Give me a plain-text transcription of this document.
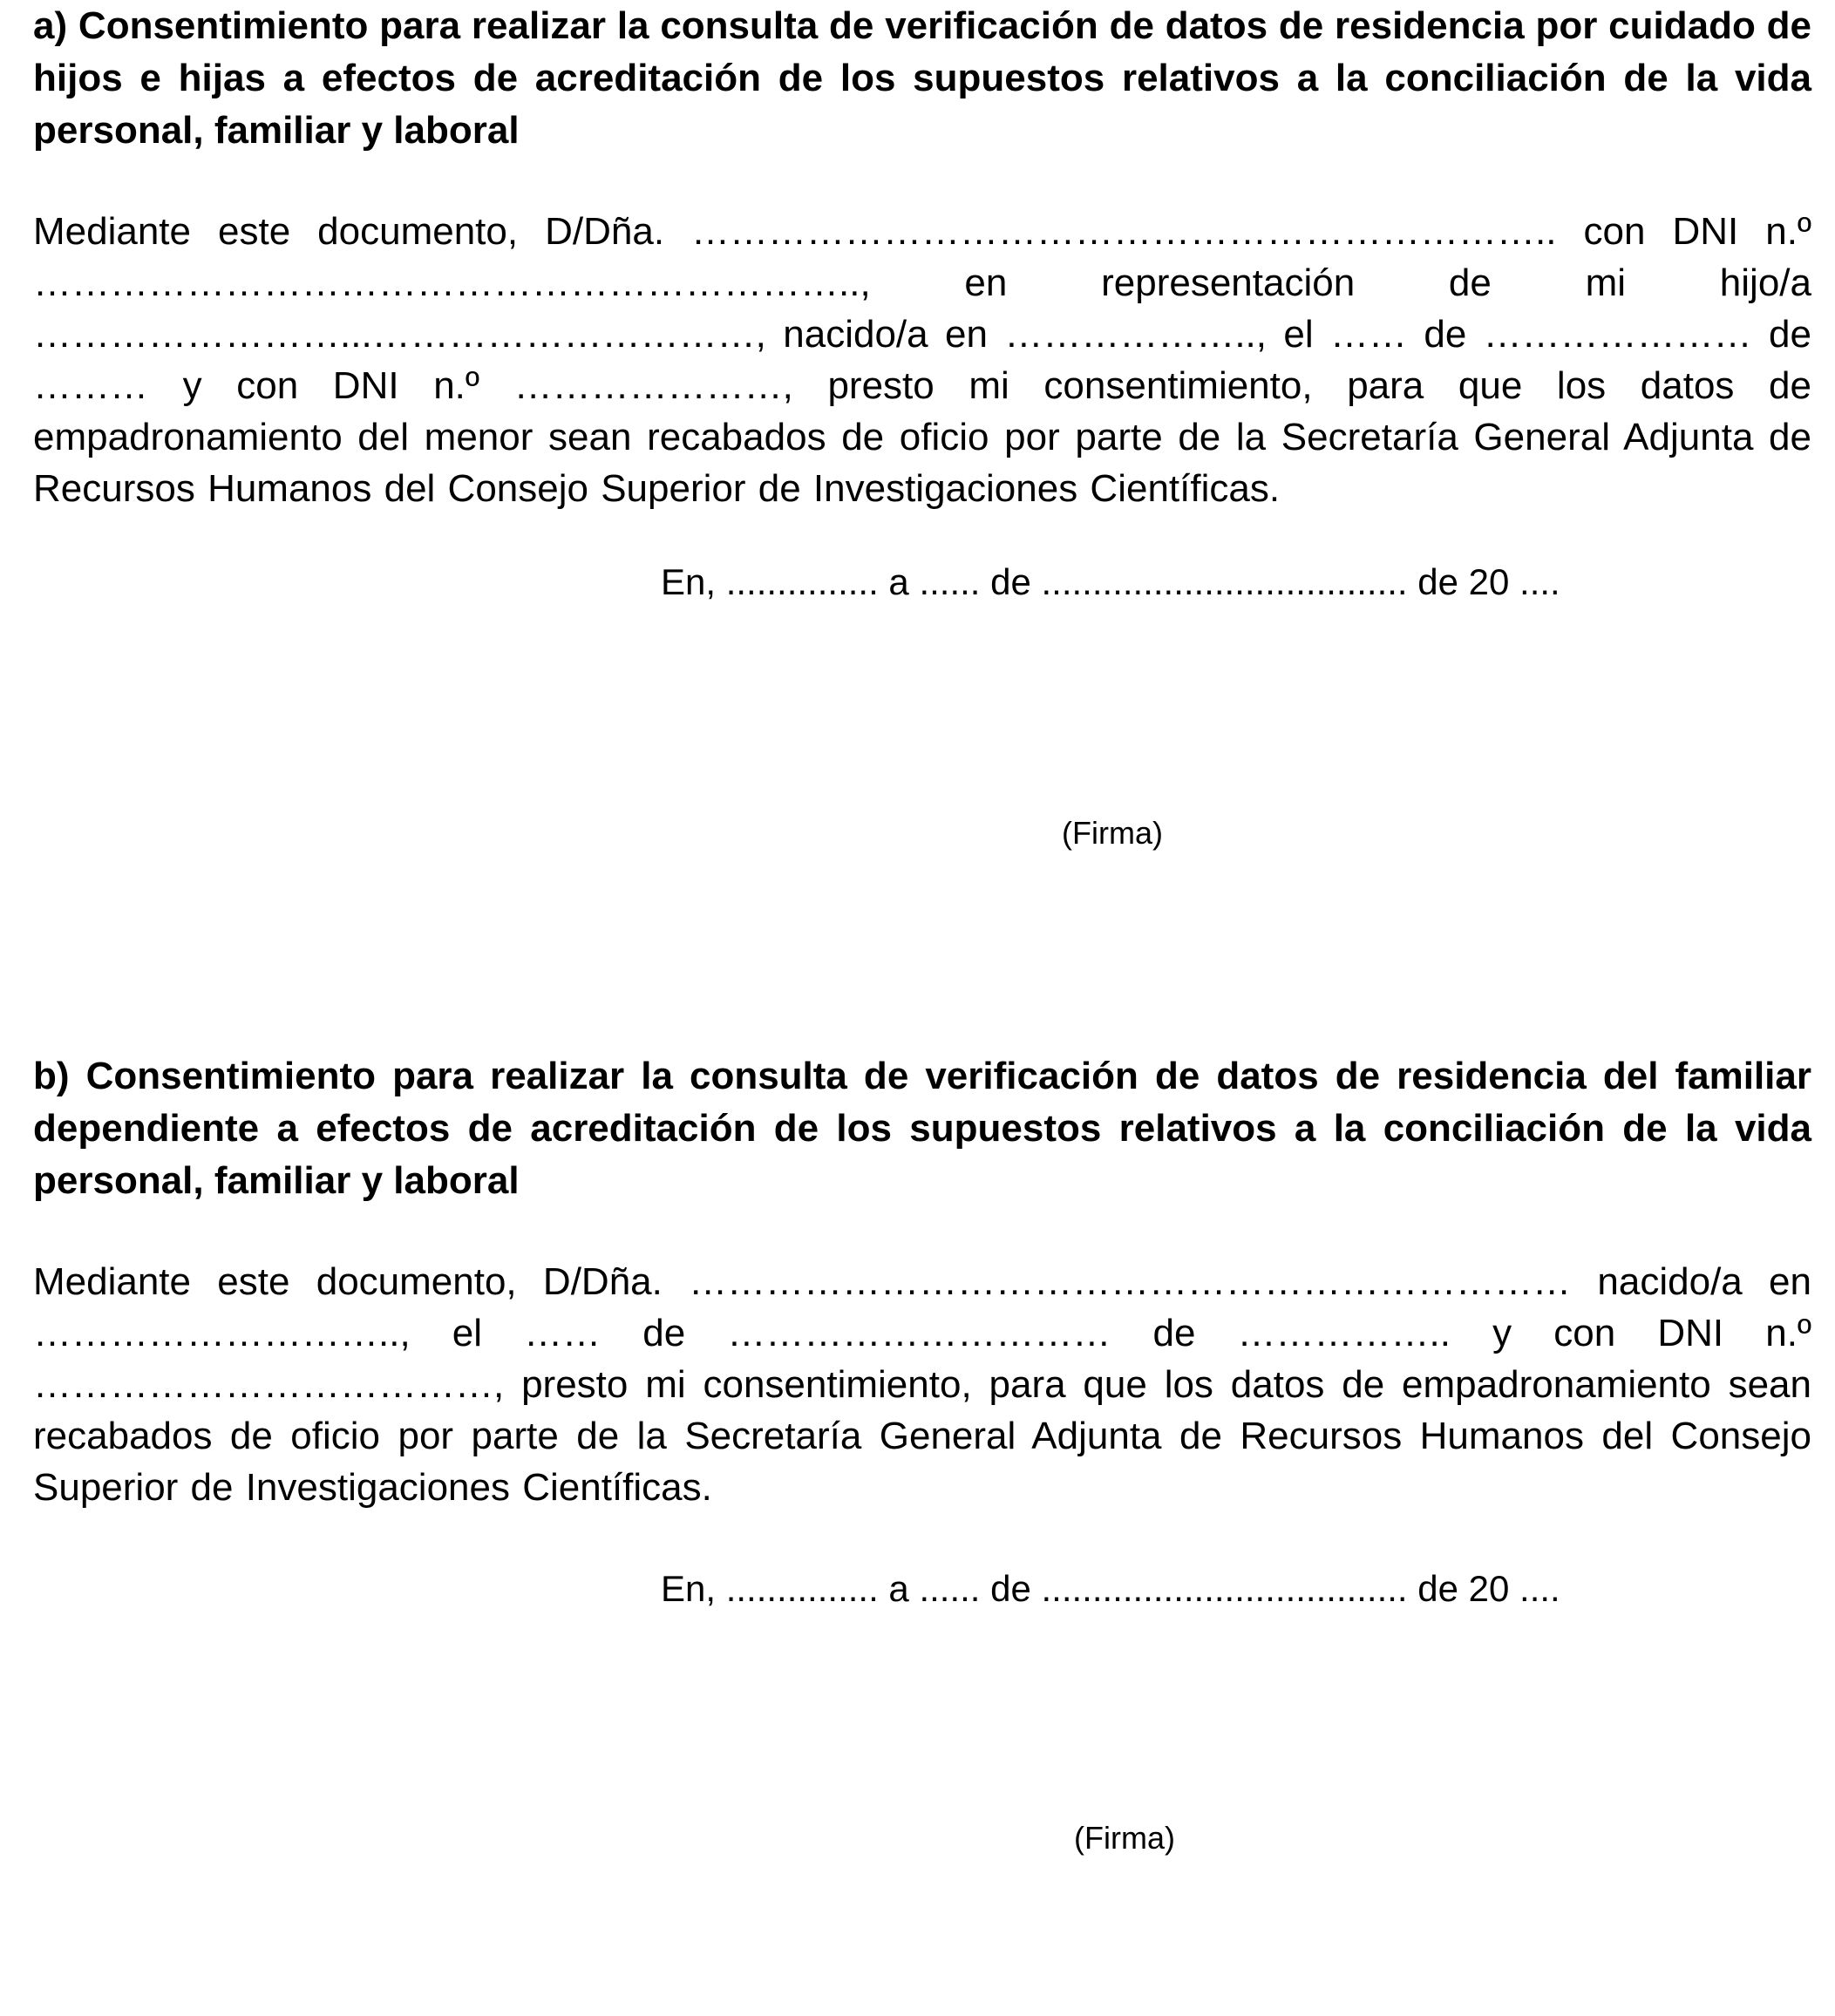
a) Consentimiento para realizar la consulta de verificación de datos de residencia por cuidado de hijos e hijas a efectos de acreditación de los supuestos relativos a la conciliación de la vida personal, familiar y laboral

Mediante este documento, D/Dña. ………………………………………………………….. con DNI n.º ……………………………………………………….., en representación de mi hijo/a ……………………...…………………………, nacido/a en ……………….., el …… de ………………… de ……… y con DNI n.º …………………, presto mi consentimiento, para que los datos de empadronamiento del menor sean recabados de oficio por parte de la Secretaría General Adjunta de Recursos Humanos del Consejo Superior de Investigaciones Científicas.

En, ............... a ...... de .................................... de 20 ....
(Firma)

b) Consentimiento para realizar la consulta de verificación de datos de residencia del familiar dependiente a efectos de acreditación de los supuestos relativos a la conciliación de la vida personal, familiar y laboral

Mediante este documento, D/Dña. …………………………………………………………… nacido/a en ……………………….., el …… de ………………………… de …………….. y con DNI n.º ………………………………, presto mi consentimiento, para que los datos de empadronamiento sean recabados de oficio por parte de la Secretaría General Adjunta de Recursos Humanos del Consejo Superior de Investigaciones Científicas.

En, ............... a ...... de .................................... de 20 ....
(Firma)
